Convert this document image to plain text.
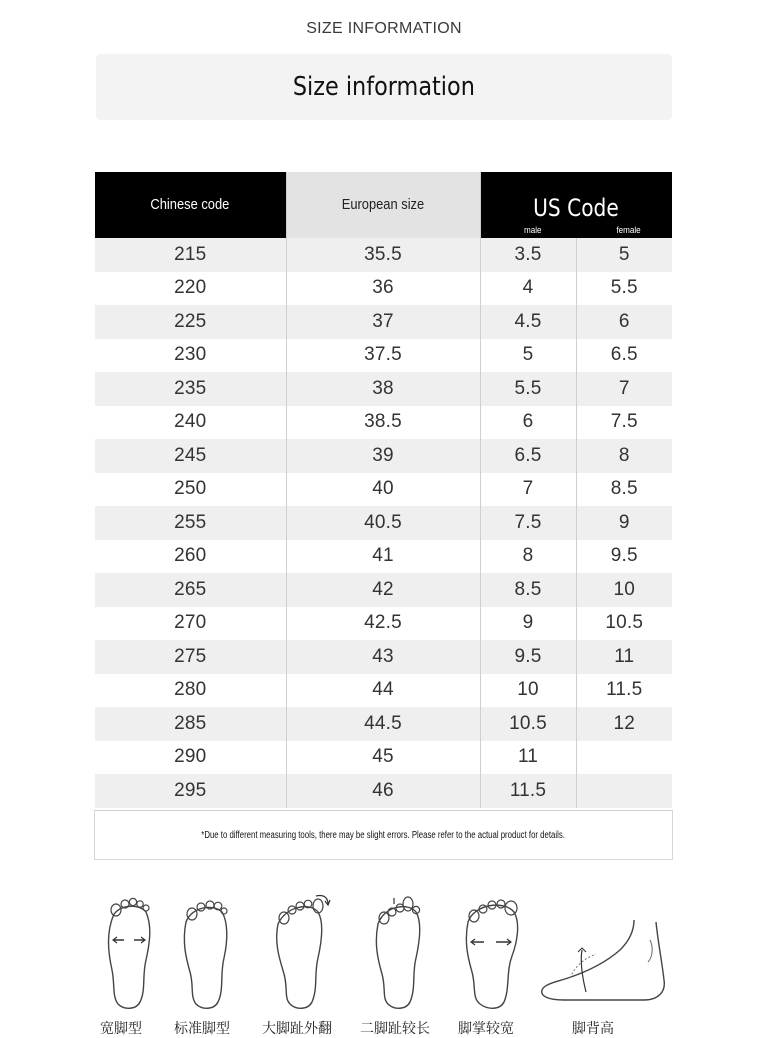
SIZE INFORMATION
Size information
Chinese code	European size	US Code
male female	

215	35.5	3.5	5
220	36	4	5.5
225	37	4.5	6
230	37.5	5	6.5
235	38	5.5	7
240	38.5	6	7.5
245	39	6.5	8
250	40	7	8.5
255	40.5	7.5	9
260	41	8	9.5
265	42	8.5	10
270	42.5	9	10.5
275	43	9.5	11
280	44	10	11.5
285	44.5	10.5	12
290	45	11	
295	46	11.5	
*Due to different measuring tools, there may be slight errors. Please refer to the actual product for details.
宽脚型 标准脚型 大脚趾外翻 二脚趾较长 脚掌较宽	脚背高
